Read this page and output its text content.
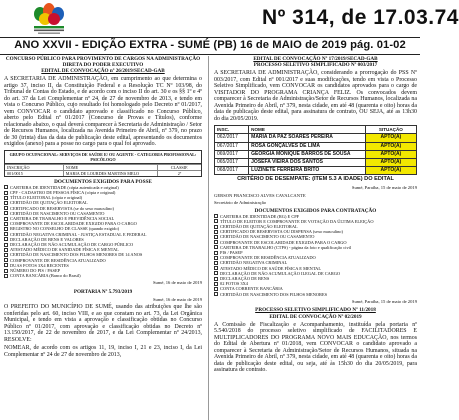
Nº 314, de 17.03.74
ANO XXVII - EDIÇÃO EXTRA - SUMÉ (PB) 16 de MAIO de 2019 pág. 01-02
CONCURSO PÚBLICO PARA PROVIMENTO DE CARGOS NA ADMINISTRAÇÃO DIRETA DO PODER EXECUTIVO
EDITAL DE CONVOCAÇÃO nº 26/2019/SECAD-GAB
A SECRETARIA DE ADMINISTRAÇÃO, em cumprimento ao que determina o artigo 37, inciso II, da Constituição Federal e a Resolução TC Nº 103/98, do Tribunal de Contas do Estado, e de acordo com o inciso II do art. 30 e os §§ 1º e 4º do art. 37 da Lei Complementar nº 24, de 27 de novembro de 2013, e tendo em vista o Concurso Público, cujo resultado foi homologado pelo Decreto nº 01/2017, vem CONVOCAR o candidato aprovado e classificado no Concurso Público, aberto pelo Edital nº 01/2017 (Concurso de Provas e Títulos), conforme relacionado abaixo, o qual deverá comparecer à Secretaria de Administração / Setor de Recursos Humanos, localizada na Avenida Primeiro de Abril, nº 379, no prazo de 30 (trinta) dias da data de publicação deste edital, apresentando os documentos exigidos (anexo) para a posse no cargo para o qual foi aprovado.
GRUPO OCUPACIONAL: SERVIÇOS DE SAÚDE E/ OU AGENTE - CATEGORIA PROFISSIONAL: PSICÓLOGO
INSCRIÇÃO	NOME	CLASSIF.
001/0015	MARIA DE LOURDES MARTINS MELO	2º
DOCUMENTOS EXIGIDOS PARA POSSE
CARTEIRA DE IDENTIDADE (cópia autenticada e original)
CPF - CADASTRO DE PESSOA FÍSICA (cópia e original)
TÍTULO ELEITORAL (cópia e original)
CERTIDÃO DE QUITAÇÃO ELEITORAL
CERTIFICADO DE RESERVISTA (se do sexo masculino)
CERTIDÃO DE NASCIMENTO OU CASAMENTO
CARTEIRA DE TRABALHO E PREVIDÊNCIA SOCIAL
COMPROVANTE DE ESCOLARIDADE EXIGIDO PARA O CARGO
REGISTRO NO CONSELHO DE CLASSE (quando exigido)
CERTIDÃO NEGATIVA CRIMINAL - JUSTIÇA ESTADUAL E FEDERAL
DECLARAÇÃO DE BENS E VALORES
DECLARAÇÃO DE NÃO ACUMULAÇÃO DE CARGO PÚBLICO
ATESTADO MÉDICO DE SANIDADE FÍSICA E MENTAL
CERTIDÃO DE NASCIMENTO DOS FILHOS MENORES DE 14 ANOS
COMPROVANTE DE RESIDÊNCIA ATUALIZADO
DUAS FOTOS 3X4 RECENTES
NÚMERO DO PIS / PASEP
CONTA BANCÁRIA (Banco do Brasil)
Sumé, 16 de maio de 2019
PORTARIA Nº 5.793/2019
Sumé, 16 de maio de 2019
O PREFEITO DO MUNICÍPIO DE SUMÉ, usando das atribuições que lhe são conferidas pelo art. 60, inciso VIII, e ao que constam no art. 73, da Lei Orgânica Municipal, e tendo em vista a aprovação e classificação obtidas no Concurso Público nº 01/2017, com aprovação e classificação obtidas no Decreto nº 13.150/2017, de 22 de novembro de 2017, e da Lei Complementar nº 24/2013, RESOLVE:
NOMEAR, de acordo com os artigos 11, 19, inciso I, 21 e 23, inciso I, da Lei Complementar nº 24 de 27 de novembro de 2013,
EDITAL DE CONVOCAÇÃO Nº 17/2019/SECAD-GAB
PROCESSO SELETIVO SIMPLIFICADO Nº 003/2017
A SECRETARIA DE ADMINISTRAÇÃO, considerando a prorrogação do PSS Nº 003/2017, com Edital nº 001/2017 e suas modificações, tendo em vista o Processo Seletivo Simplificado, vem CONVOCAR os candidatos aprovados para o cargo de VISITADOR DO PROGRAMA CRIANÇA FELIZ. Os convocados devem comparecer à Secretaria de Administração/Setor de Recursos Humanos, localizada na Avenida Primeiro de Abril, nº 379, nesta cidade, em até 48 (quarenta e oito) horas da data de publicação deste edital, para assinatura de contrato, OU SEJA, até as 13h30 do dia 20/05/2019.
INSC.	NOME	SITUAÇÃO
062/2017	MARIA DA PAZ SOARES PEREIRA	APTO(A)
067/2017	ROSA GONÇALVES DE LIMA	APTO(A)
069/2017	GEORGIA MONIQUE BARROS DE SOUSA	APTO(A)
065/2017	JOSEFA VIEIRA DOS SANTOS	APTO(A)
068/2017	LUZINETE FERREIRA BRITO	APTO(A)
CRITÉRIO DE DESEMPATE: (ITEM 5.3 A IDADE) DO EDITAL
Sumé, Paraíba, 15 de maio de 2019
GERSON FRANCISCO ALVES CAVALCANTE
Secretário de Administração
DOCUMENTOS EXIGIDOS PARA CONTRATAÇÃO
CARTEIRA DE IDENTIDADE (RG) E CPF
TÍTULO DE ELEITOR E COMPROVANTE DE VOTAÇÃO DA ÚLTIMA ELEIÇÃO
CERTIDÃO DE QUITAÇÃO ELEITORAL
CERTIFICADO DE RESERVISTA OU DISPENSA (sexo masculino)
CERTIDÃO DE NASCIMENTO OU CASAMENTO
COMPROVANTE DE ESCOLARIDADE EXIGIDA PARA O CARGO
CARTEIRA DE TRABALHO (CTPS) - página da foto e qualificação civil
PIS / PASEP
COMPROVANTE DE RESIDÊNCIA ATUALIZADO
CERTIDÃO NEGATIVA CRIMINAL
ATESTADO MÉDICO DE SAÚDE FÍSICA E MENTAL
DECLARAÇÃO DE NÃO ACUMULAÇÃO ILEGAL DE CARGO
DECLARAÇÃO DE BENS
02 FOTOS 3X4
CONTA CORRENTE BANCÁRIA
CERTIDÃO DE NASCIMENTO DOS FILHOS MENORES
Sumé, Paraíba, 15 de maio de 2019
PROCESSO SELETIVO SIMPLIFICADO Nº 11/2018
EDITAL DE CONVOCAÇÃO Nº 02/2019
A Comissão de Fiscalização e Acompanhamento, instituída pela portaria nº 5.540/2018 do processo seletivo simplificado de FACILITADORES E MULTIPLICADORES DO PROGRAMA NOVO MAIS EDUCAÇÃO, nos termos do Edital de Abertura nº 01/2018, vem CONVOCAR o candidato aprovado a comparecer à Secretaria de Administração/Setor de Recursos Humanos, situada na Avenida Primeiro de Abril, nº 379, nesta cidade, em até 48 (quarenta e oito) horas da data de publicação deste edital, ou seja, até às 15h30 do dia 20/05/2019, para assinatura de contrato.
